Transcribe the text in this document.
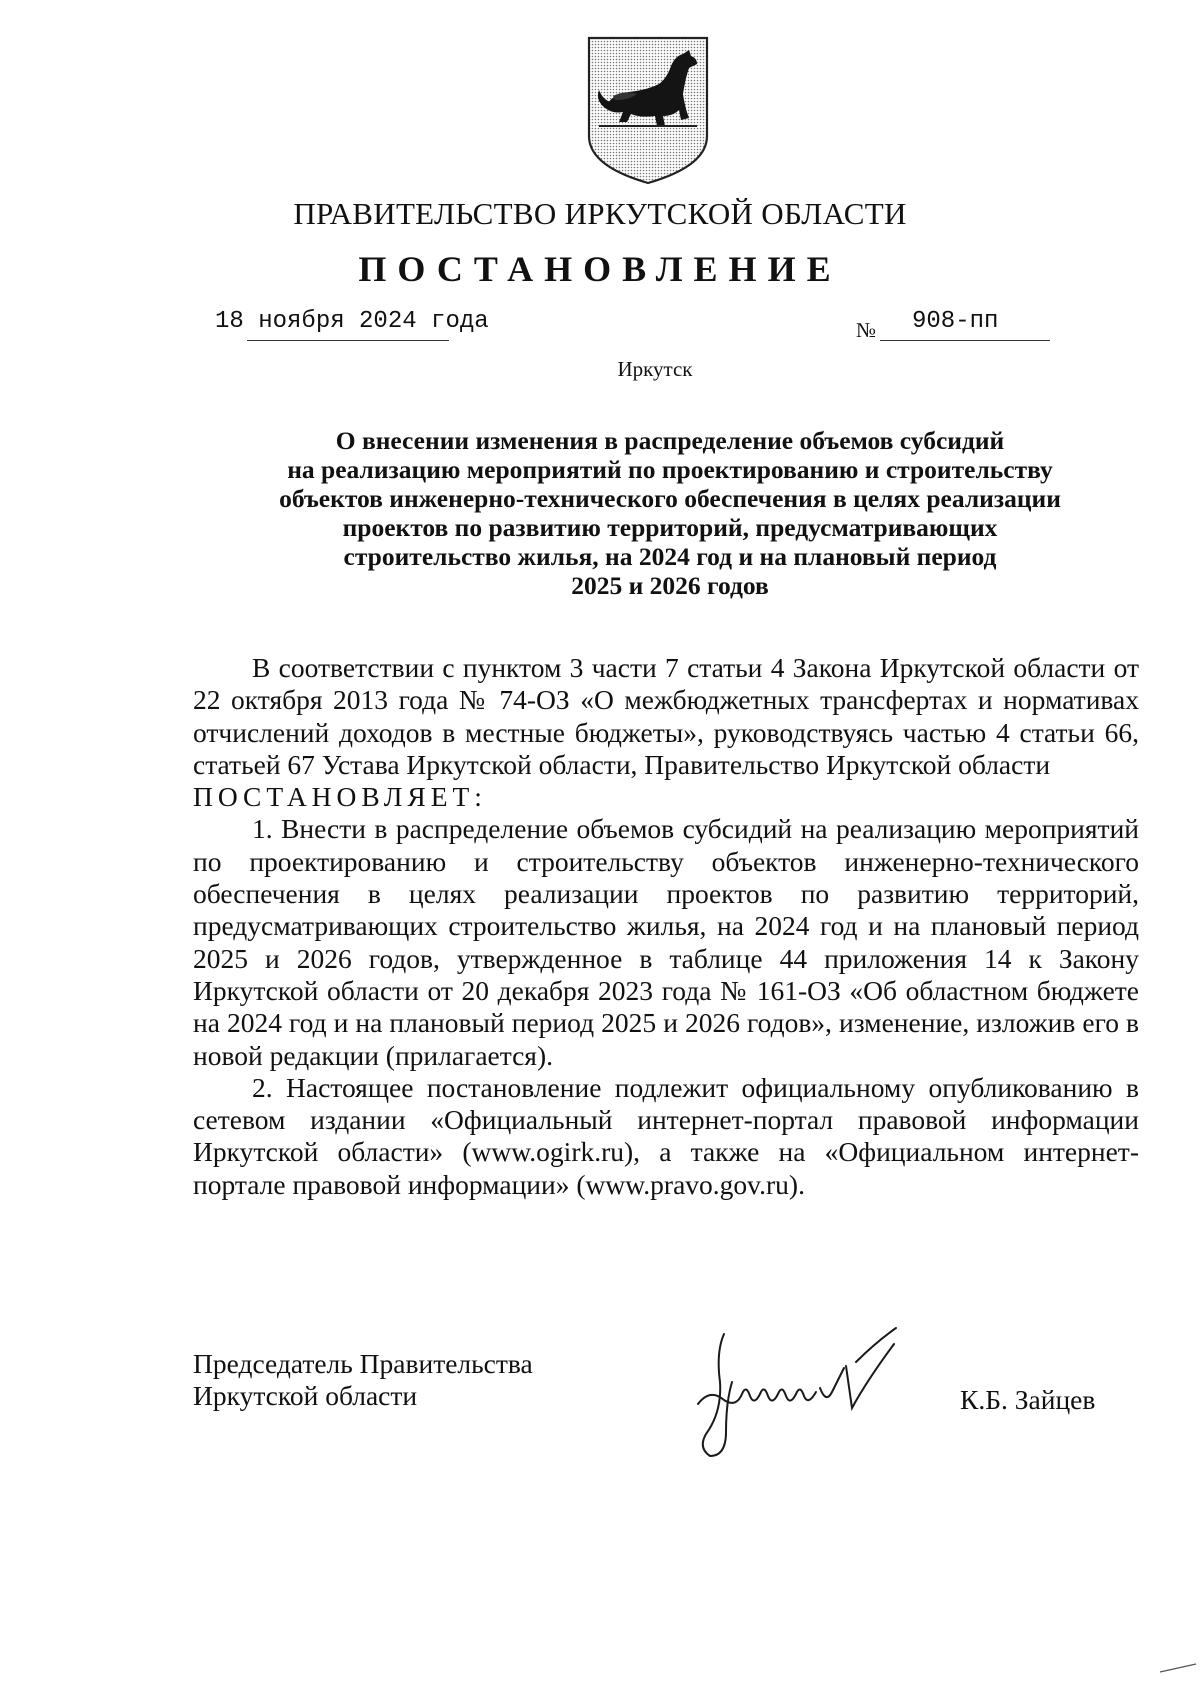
ПРАВИТЕЛЬСТВО ИРКУТСКОЙ ОБЛАСТИ
ПОСТАНОВЛЕНИЕ
18 ноября 2024 года	№ 908-пп
Иркутск
О внесении изменения в распределение объемов субсидий
на реализацию мероприятий по проектированию и строительству
объектов инженерно-технического обеспечения в целях реализации
проектов по развитию территорий, предусматривающих
строительство жилья, на 2024 год и на плановый период
2025 и 2026 годов

В соответствии с пунктом 3 части 7 статьи 4 Закона Иркутской области от 22 октября 2013 года № 74-ОЗ «О межбюджетных трансфертах и нормативах отчислений доходов в местные бюджеты», руководствуясь частью 4 статьи 66, статьей 67 Устава Иркутской области, Правительство Иркутской области

ПОСТАНОВЛЯЕТ:

1. Внести в распределение объемов субсидий на реализацию мероприятий по проектированию и строительству объектов инженерно-технического обеспечения в целях реализации проектов по развитию территорий, предусматривающих строительство жилья, на 2024 год и на плановый период 2025 и 2026 годов, утвержденное в таблице 44 приложения 14 к Закону Иркутской области от 20 декабря 2023 года № 161-ОЗ «Об областном бюджете на 2024 год и на плановый период 2025 и 2026 годов», изменение, изложив его в новой редакции (прилагается).

2. Настоящее постановление подлежит официальному опубликованию в сетевом издании «Официальный интернет-портал правовой информации Иркутской области» (www.ogirk.ru), а также на «Официальном интернет-портале правовой информации» (www.pravo.gov.ru).

Председатель Правительства
Иркутской области	К.Б. Зайцев
